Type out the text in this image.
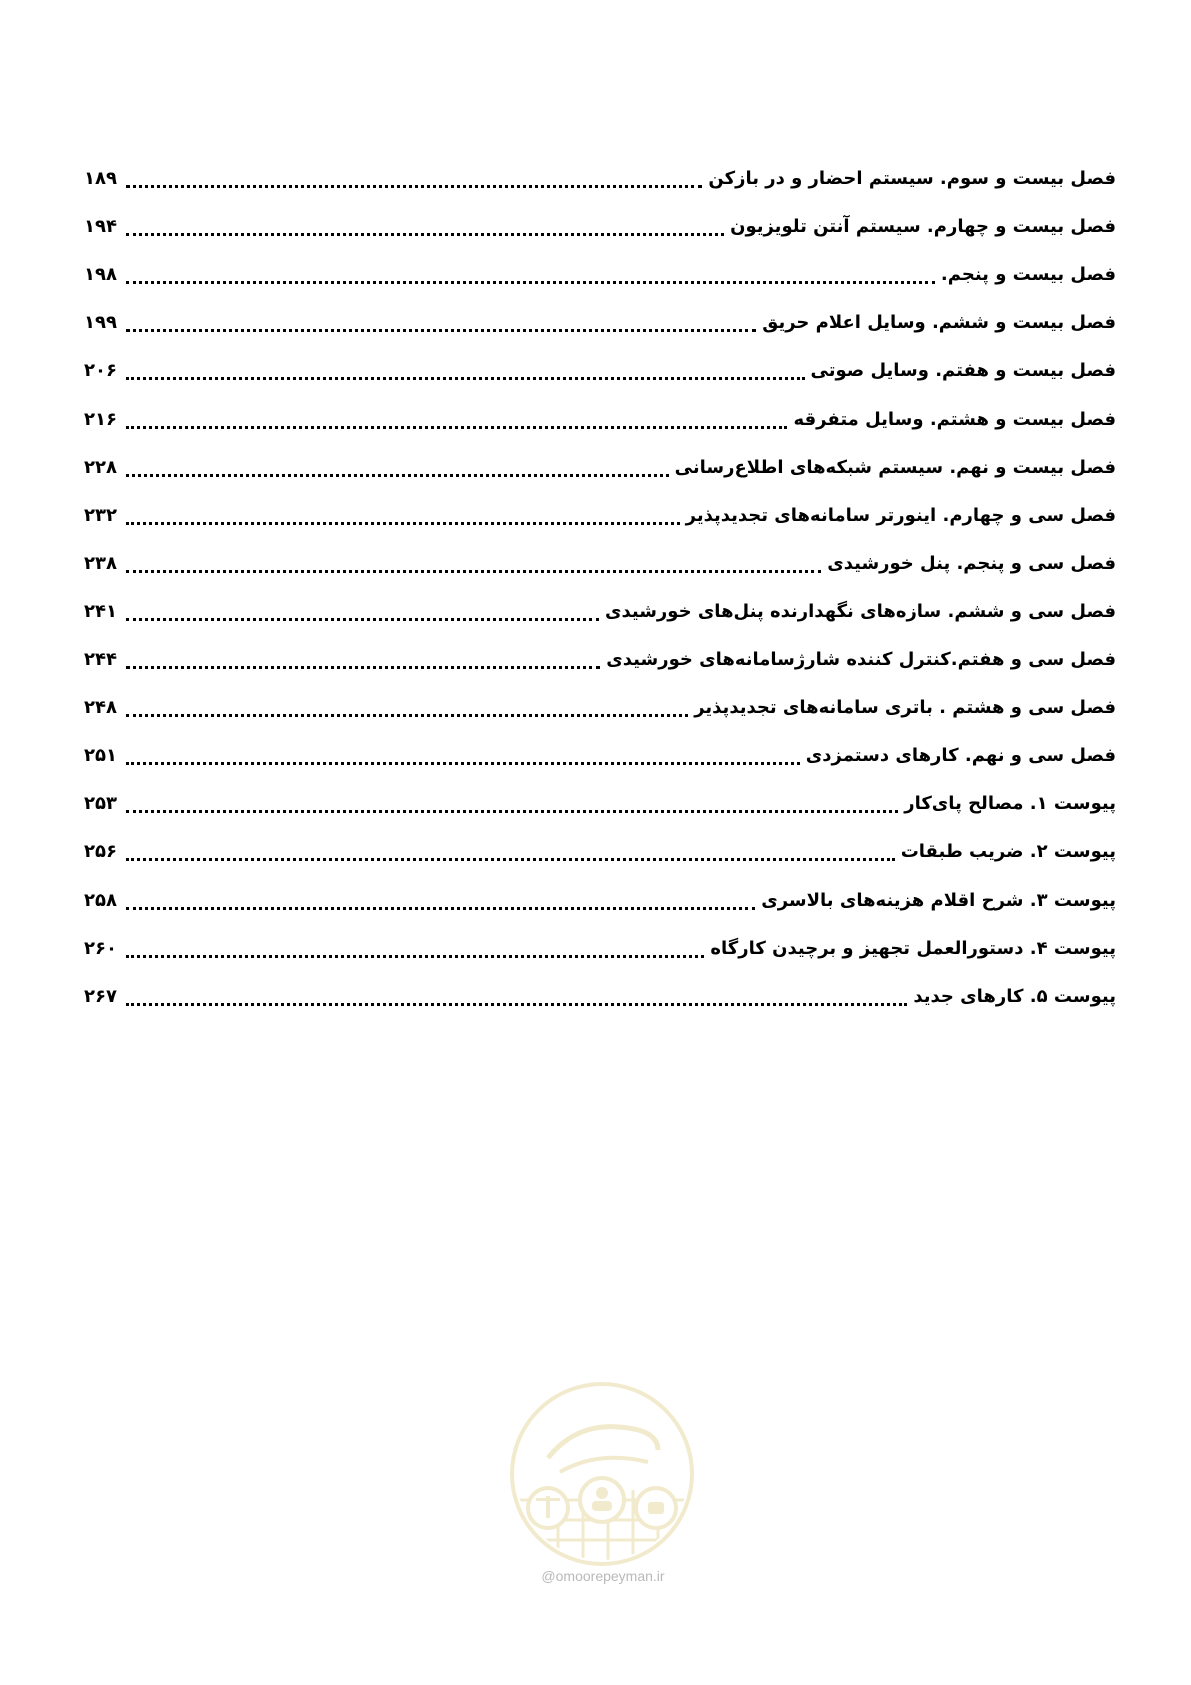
فصل بیست و سوم. سیستم احضار و در بازکن
۱۸۹
فصل بیست و چهارم. سیستم آنتن تلویزیون
۱۹۴
فصل بیست و پنجم.
۱۹۸
فصل بیست و ششم. وسایل اعلام حریق
۱۹۹
فصل بیست و هفتم. وسایل صوتی
۲۰۶
فصل بیست و هشتم. وسایل متفرقه
۲۱۶
فصل بیست و نهم. سیستم شبکه‌های اطلاع‌رسانی
۲۲۸
فصل سی و چهارم. اینورتر سامانه‌های تجدیدپذیر
۲۳۲
فصل سی و پنجم. پنل خورشیدی
۲۳۸
فصل سی و ششم. سازه‌های نگهدارنده پنل‌های خورشیدی
۲۴۱
فصل سی و هفتم.کنترل کننده شارژسامانه‌های خورشیدی
۲۴۴
فصل سی و هشتم . باتری سامانه‌های تجدیدپذیر
۲۴۸
فصل سی و نهم. کارهای دستمزدی
۲۵۱
پیوست ۱. مصالح پای‌کار
۲۵۳
پیوست ۲. ضریب طبقات
۲۵۶
پیوست ۳. شرح اقلام هزینه‌های بالاسری
۲۵۸
پیوست ۴. دستورالعمل تجهیز و برچیدن کارگاه
۲۶۰
پیوست ۵. کارهای جدید
۲۶۷
@omoorepeyman.ir
